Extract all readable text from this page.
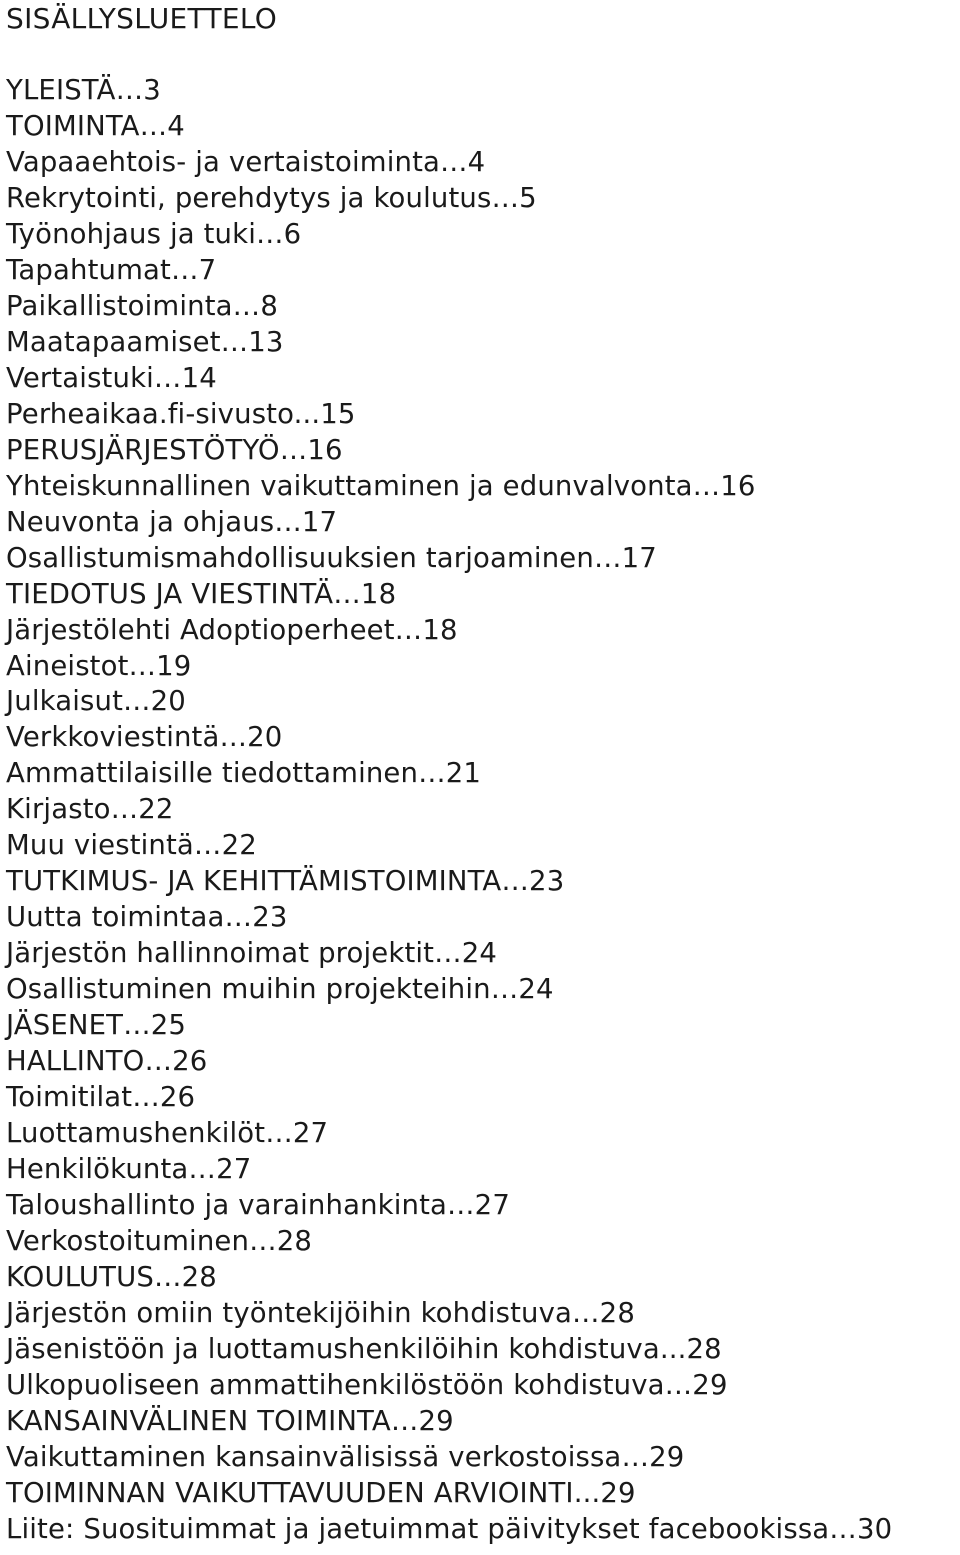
SISÄLLYSLUETTELO
YLEISTÄ…3
TOIMINTA…4
Vapaaehtois- ja vertaistoiminta…4
Rekrytointi, perehdytys ja koulutus…5
Työnohjaus ja tuki…6
Tapahtumat…7
Paikallistoiminta…8
Maatapaamiset…13
Vertaistuki…14
Perheaikaa.fi-sivusto...15
PERUSJÄRJESTÖTYÖ…16
Yhteiskunnallinen vaikuttaminen ja edunvalvonta…16
Neuvonta ja ohjaus…17
Osallistumismahdollisuuksien tarjoaminen…17
TIEDOTUS JA VIESTINTÄ…18
Järjestölehti Adoptioperheet…18
Aineistot…19
Julkaisut…20
Verkkoviestintä…20
Ammattilaisille tiedottaminen…21
Kirjasto…22
Muu viestintä…22
TUTKIMUS- JA KEHITTÄMISTOIMINTA…23
Uutta toimintaa…23
Järjestön hallinnoimat projektit…24
Osallistuminen muihin projekteihin…24
JÄSENET…25
HALLINTO…26
Toimitilat…26
Luottamushenkilöt…27
Henkilökunta…27
Taloushallinto ja varainhankinta…27
Verkostoituminen…28
KOULUTUS…28
Järjestön omiin työntekijöihin kohdistuva…28
Jäsenistöön ja luottamushenkilöihin kohdistuva...28
Ulkopuoliseen ammattihenkilöstöön kohdistuva…29
KANSAINVÄLINEN TOIMINTA…29
Vaikuttaminen kansainvälisissä verkostoissa…29
TOIMINNAN VAIKUTTAVUUDEN ARVIOINTI...29
Liite: Suosituimmat ja jaetuimmat päivitykset facebookissa…30
